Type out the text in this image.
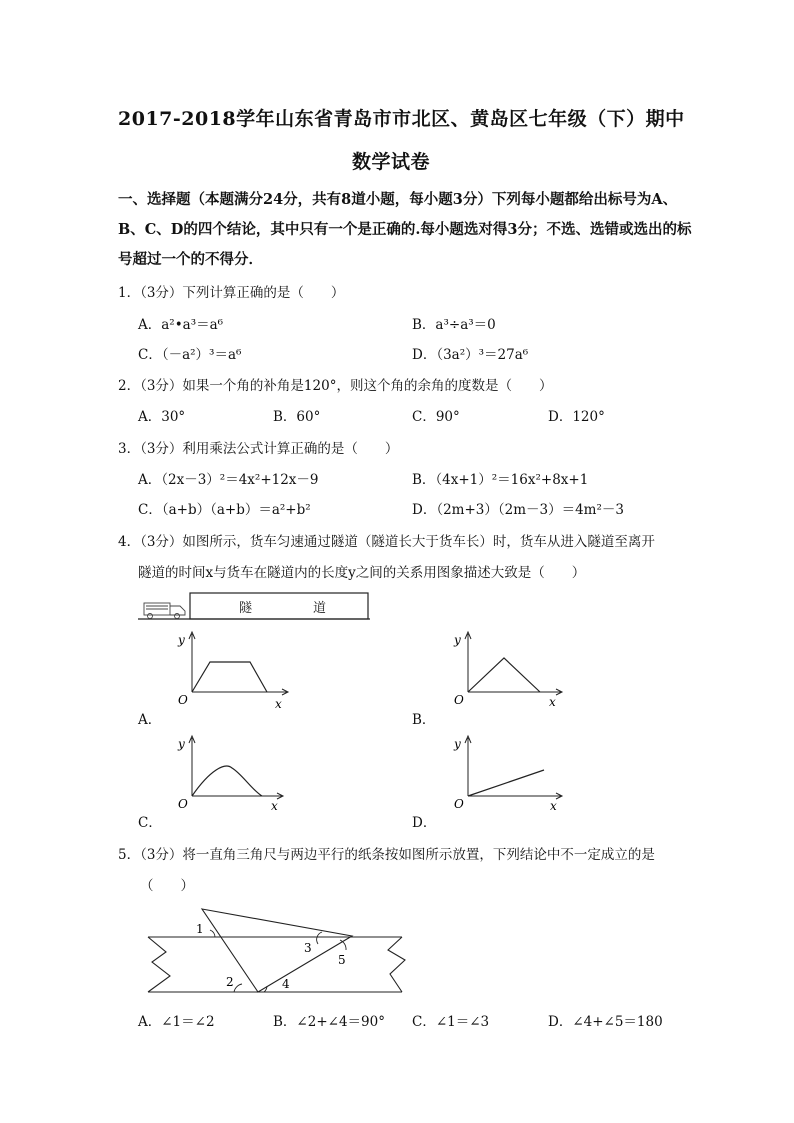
2017-2018学年山东省青岛市市北区、黄岛区七年级（下）期中
数学试卷
一、选择题（本题满分24分，共有8道小题，每小题3分）下列每小题都给出标号为A、
B、C、D的四个结论，其中只有一个是正确的.每小题选对得3分；不选、选错或选出的标
号超过一个的不得分．
1．（3分）下列计算正确的是（　　）
A．a²•a³＝a⁶	B．a³÷a³＝0
C．（－a²）³＝a⁶	D．（3a²）³＝27a⁶
2．（3分）如果一个角的补角是120°，则这个角的余角的度数是（　　）
A．30°	B．60°	C．90°	D．120°
3．（3分）利用乘法公式计算正确的是（　　）
A．（2x－3）²＝4x²+12x－9	B．（4x+1）²＝16x²+8x+1
C．（a+b）（a+b）＝a²+b²	D．（2m+3）（2m－3）＝4m²－3
4．（3分）如图所示，货车匀速通过隧道（隧道长大于货车长）时，货车从进入隧道至离开
隧道的时间x与货车在隧道内的长度y之间的关系用图象描述大致是（　　）
隧	道
y
O	x
A．
y
O	x
B．
y
O	x
C．
y
O	x
D．
5．（3分）将一直角三角尺与两边平行的纸条按如图所示放置，下列结论中不一定成立的是
（　　）
1
2
3
4
5
A．∠1＝∠2	B．∠2+∠4＝90° C．∠1＝∠3	D．∠4+∠5＝180
